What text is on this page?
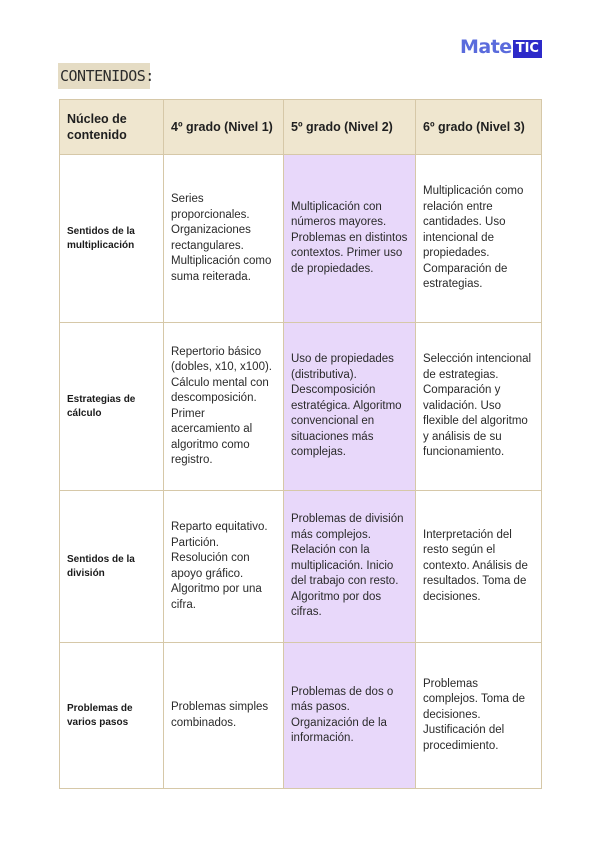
Mate TIC
CONTENIDOS:
Núcleo de contenido	4º grado (Nivel 1)	5º grado (Nivel 2)	6º grado (Nivel 3)
Sentidos de la multiplicación	Series proporcionales. Organizaciones rectangulares. Multiplicación como suma reiterada.	Multiplicación con números mayores. Problemas en distintos contextos. Primer uso de propiedades.	Multiplicación como relación entre cantidades. Uso intencional de propiedades. Comparación de estrategias.
Estrategias de cálculo	Repertorio básico (dobles, x10, x100). Cálculo mental con descomposición. Primer acercamiento al algoritmo como registro.	Uso de propiedades (distributiva). Descomposición estratégica. Algoritmo convencional en situaciones más complejas.	Selección intencional de estrategias. Comparación y validación. Uso flexible del algoritmo y análisis de su funcionamiento.
Sentidos de la división	Reparto equitativo. Partición. Resolución con apoyo gráfico. Algoritmo por una cifra.	Problemas de división más complejos. Relación con la multiplicación. Inicio del trabajo con resto. Algoritmo por dos cifras.	Interpretación del resto según el contexto. Análisis de resultados. Toma de decisiones.
Problemas de varios pasos	Problemas simples combinados.	Problemas de dos o más pasos. Organización de la información.	Problemas complejos. Toma de decisiones. Justificación del procedimiento.
